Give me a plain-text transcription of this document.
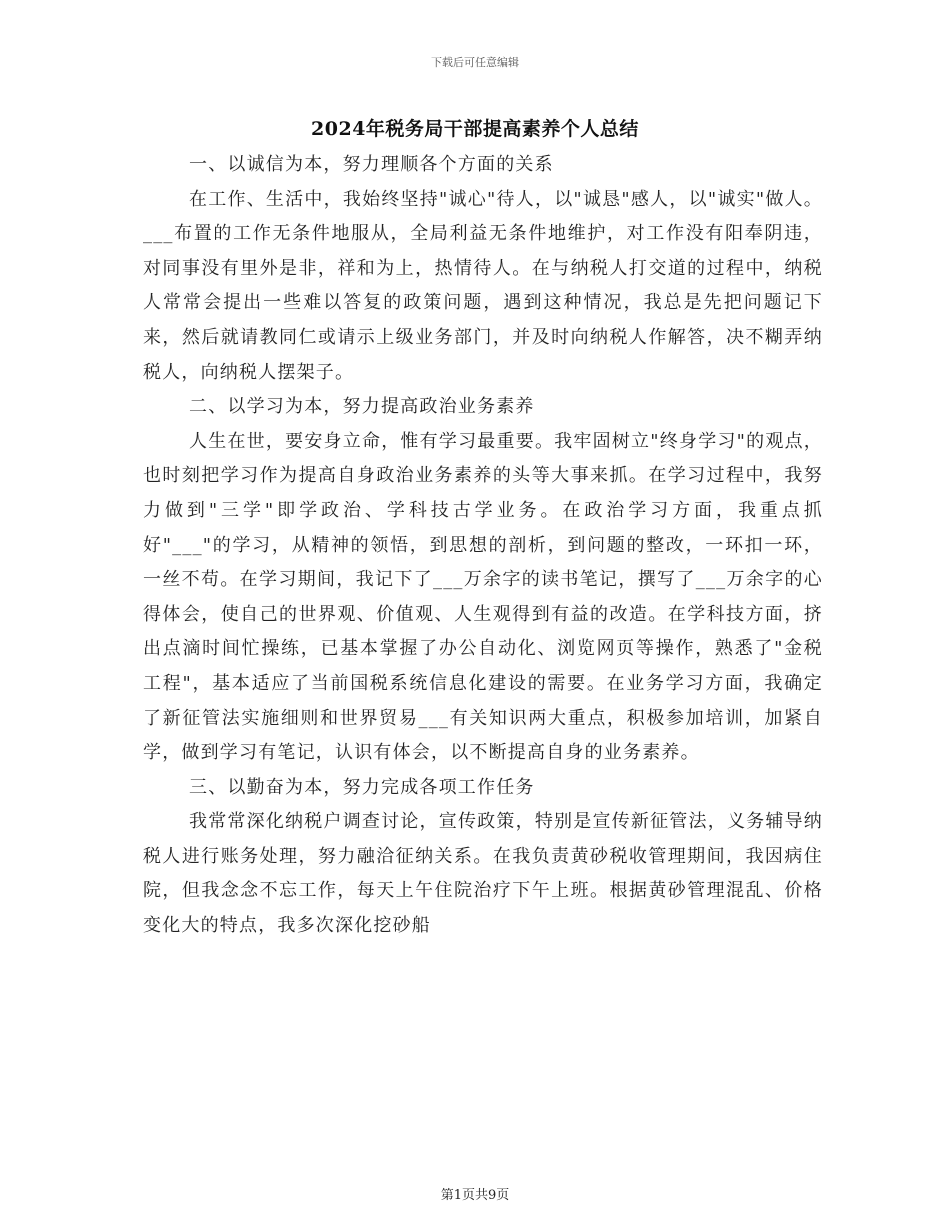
下载后可任意编辑
2024年税务局干部提高素养个人总结

一、以诚信为本，努力理顺各个方面的关系

在工作、生活中，我始终坚持"诚心"待人，以"诚恳"感人，以"诚实"做人。___布置的工作无条件地服从，全局利益无条件地维护，对工作没有阳奉阴违，对同事没有里外是非，祥和为上，热情待人。在与纳税人打交道的过程中，纳税人常常会提出一些难以答复的政策问题，遇到这种情况，我总是先把问题记下来，然后就请教同仁或请示上级业务部门，并及时向纳税人作解答，决不糊弄纳税人，向纳税人摆架子。

二、以学习为本，努力提高政治业务素养

人生在世，要安身立命，惟有学习最重要。我牢固树立"终身学习"的观点，也时刻把学习作为提高自身政治业务素养的头等大事来抓。在学习过程中，我努力做到"三学"即学政治、学科技古学业务。在政治学习方面，我重点抓好"___"的学习，从精神的领悟，到思想的剖析，到问题的整改，一环扣一环，一丝不苟。在学习期间，我记下了___万余字的读书笔记，撰写了___万余字的心得体会，使自己的世界观、价值观、人生观得到有益的改造。在学科技方面，挤出点滴时间忙操练，已基本掌握了办公自动化、浏览网页等操作，熟悉了"金税工程"，基本适应了当前国税系统信息化建设的需要。在业务学习方面，我确定了新征管法实施细则和世界贸易___有关知识两大重点，积极参加培训，加紧自学，做到学习有笔记，认识有体会，以不断提高自身的业务素养。

三、以勤奋为本，努力完成各项工作任务

我常常深化纳税户调查讨论，宣传政策，特别是宣传新征管法，义务辅导纳税人进行账务处理，努力融洽征纳关系。在我负责黄砂税收管理期间，我因病住院，但我念念不忘工作，每天上午住院治疗下午上班。根据黄砂管理混乱、价格变化大的特点，我多次深化挖砂船

第1页共9页
